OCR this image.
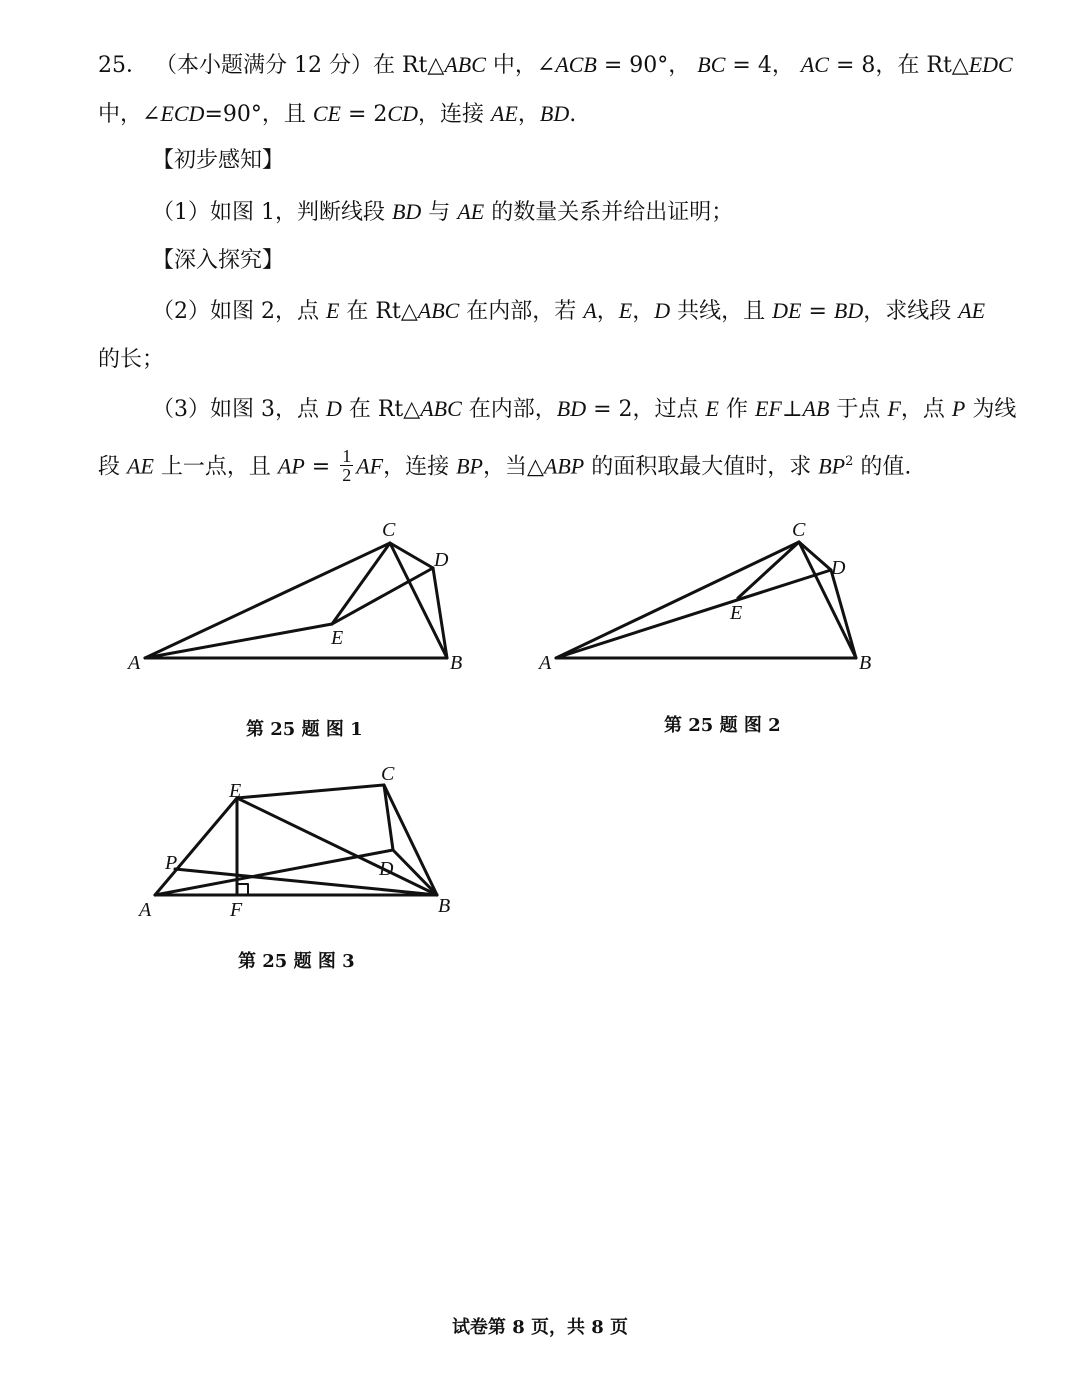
25． （本小题满分 12 分）在 Rt△ABC 中，∠ACB = 90°， BC = 4， AC = 8，在 Rt△EDC
中，∠ECD=90°，且 CE = 2CD，连接 AE，BD.
【初步感知】
（1）如图 1，判断线段 BD 与 AE 的数量关系并给出证明；
【深入探究】
（2）如图 2，点 E 在 Rt△ABC 在内部，若 A，E，D 共线，且 DE = BD，求线段 AE
的长；
（3）如图 3，点 D 在 Rt△ABC 在内部，BD = 2，过点 E 作 EF⊥AB 于点 F，点 P 为线
段 AE 上一点，且 AP = $\frac{1}{2}$ AF，连接 BP，当△ABP 的面积取最大值时，求 $BP^2$ 的值.
A	B
C
D
E
A	B
C
D
E
A	B
C
D
E
F
P
第 25 题 图 1	第 25 题 图 2
第 25 题 图 3
试卷第 8 页，共 8 页
